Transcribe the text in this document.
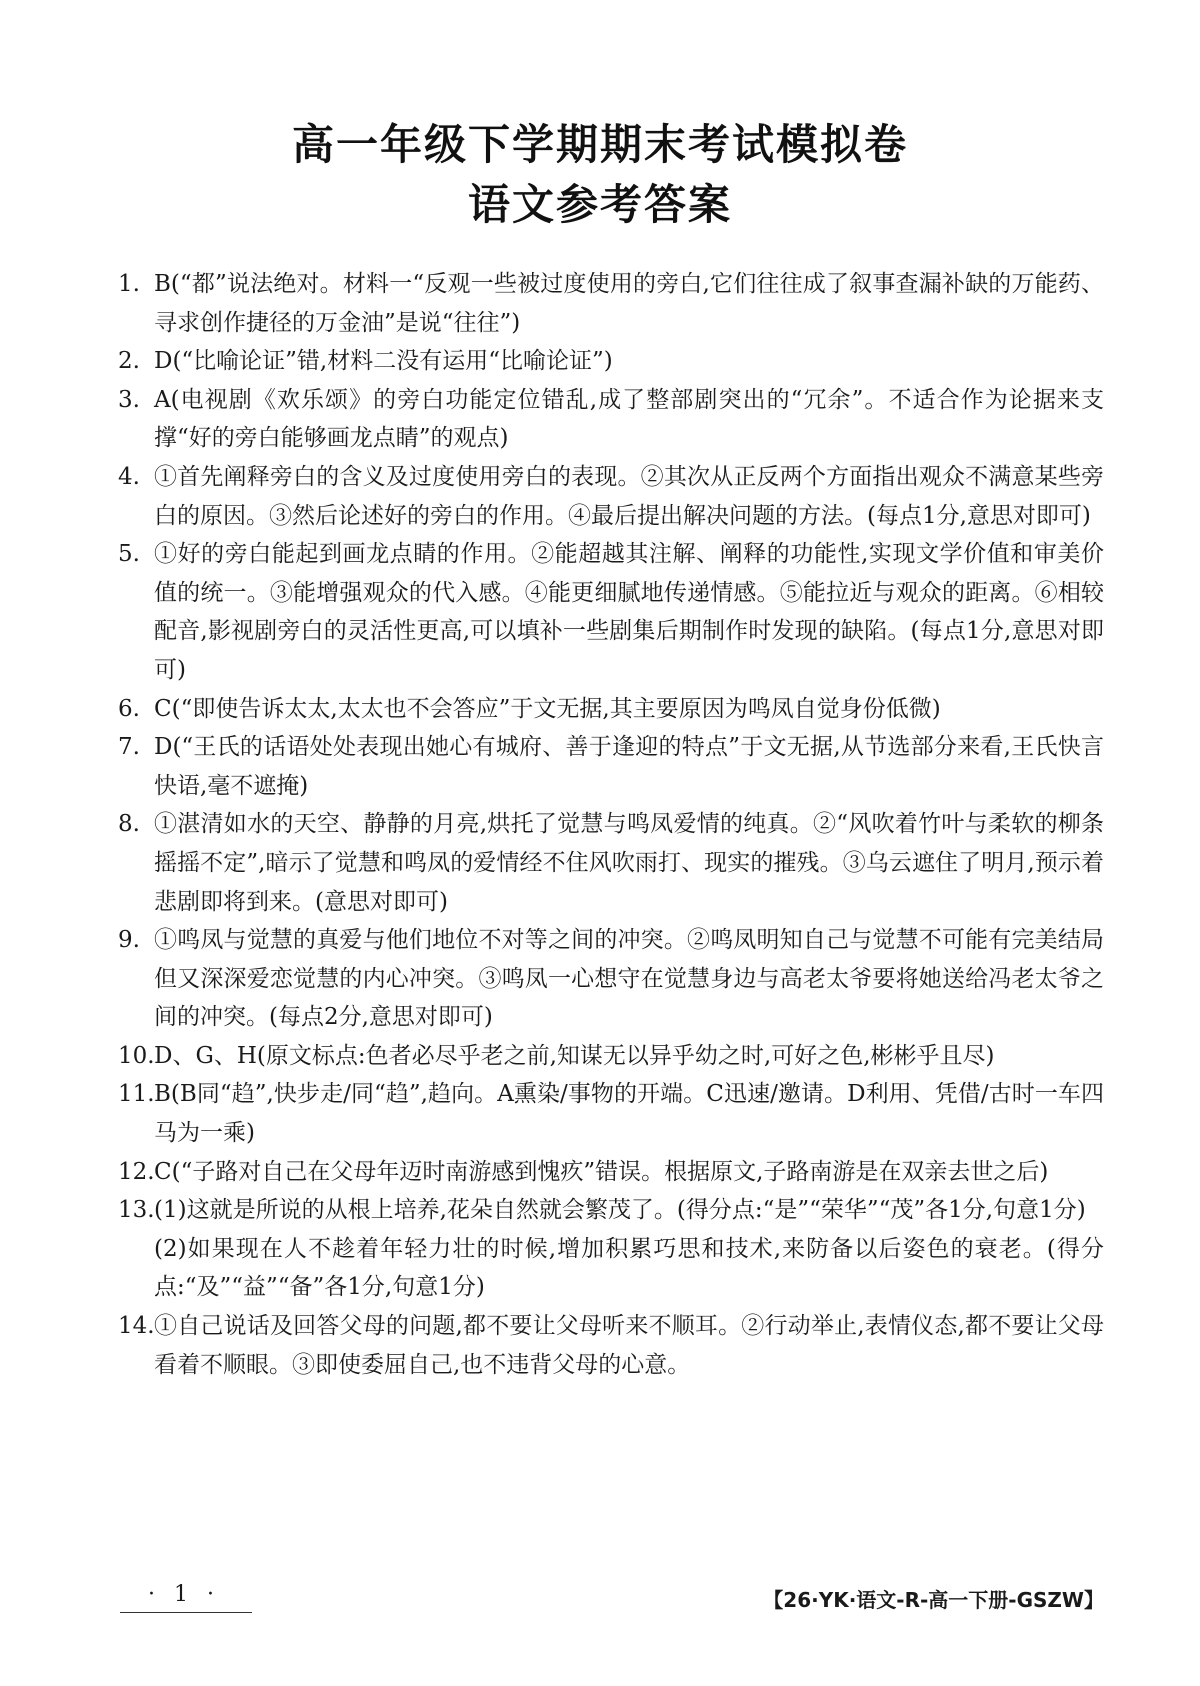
高一年级下学期期末考试模拟卷
语文参考答案
1. B(“都”说法绝对。材料一“反观一些被过度使用的旁白,它们往往成了叙事查漏补缺的万能药、寻求创作捷径的万金油”是说“往往”)
2. D(“比喻论证”错,材料二没有运用“比喻论证”)
3. A(电视剧《欢乐颂》的旁白功能定位错乱,成了整部剧突出的“冗余”。不适合作为论据来支撑“好的旁白能够画龙点睛”的观点)
4. ①首先阐释旁白的含义及过度使用旁白的表现。②其次从正反两个方面指出观众不满意某些旁白的原因。③然后论述好的旁白的作用。④最后提出解决问题的方法。(每点1分,意思对即可)
5. ①好的旁白能起到画龙点睛的作用。②能超越其注解、阐释的功能性,实现文学价值和审美价值的统一。③能增强观众的代入感。④能更细腻地传递情感。⑤能拉近与观众的距离。⑥相较配音,影视剧旁白的灵活性更高,可以填补一些剧集后期制作时发现的缺陷。(每点1分,意思对即可)
6. C(“即使告诉太太,太太也不会答应”于文无据,其主要原因为鸣凤自觉身份低微)
7. D(“王氏的话语处处表现出她心有城府、善于逢迎的特点”于文无据,从节选部分来看,王氏快言快语,毫不遮掩)
8. ①湛清如水的天空、静静的月亮,烘托了觉慧与鸣凤爱情的纯真。②“风吹着竹叶与柔软的柳条摇摇不定”,暗示了觉慧和鸣凤的爱情经不住风吹雨打、现实的摧残。③乌云遮住了明月,预示着悲剧即将到来。(意思对即可)
9. ①鸣凤与觉慧的真爱与他们地位不对等之间的冲突。②鸣凤明知自己与觉慧不可能有完美结局但又深深爱恋觉慧的内心冲突。③鸣凤一心想守在觉慧身边与高老太爷要将她送给冯老太爷之间的冲突。(每点2分,意思对即可)
10. D、G、H(原文标点:色者必尽乎老之前,知谋无以异乎幼之时,可好之色,彬彬乎且尽)
11. B(B同“趋”,快步走/同“趋”,趋向。A熏染/事物的开端。C迅速/邀请。D利用、凭借/古时一车四马为一乘)
12. C(“子路对自己在父母年迈时南游感到愧疚”错误。根据原文,子路南游是在双亲去世之后)
13. (1)这就是所说的从根上培养,花朵自然就会繁茂了。(得分点:“是”“荣华”“茂”各1分,句意1分)
(2)如果现在人不趁着年轻力壮的时候,增加积累巧思和技术,来防备以后姿色的衰老。(得分点:“及”“益”“备”各1分,句意1分)
14. ①自己说话及回答父母的问题,都不要让父母听来不顺耳。②行动举止,表情仪态,都不要让父母看着不顺眼。③即使委屈自己,也不违背父母的心意。
· 1 ·	【26·YK·语文-R-高一下册-GSZW】
